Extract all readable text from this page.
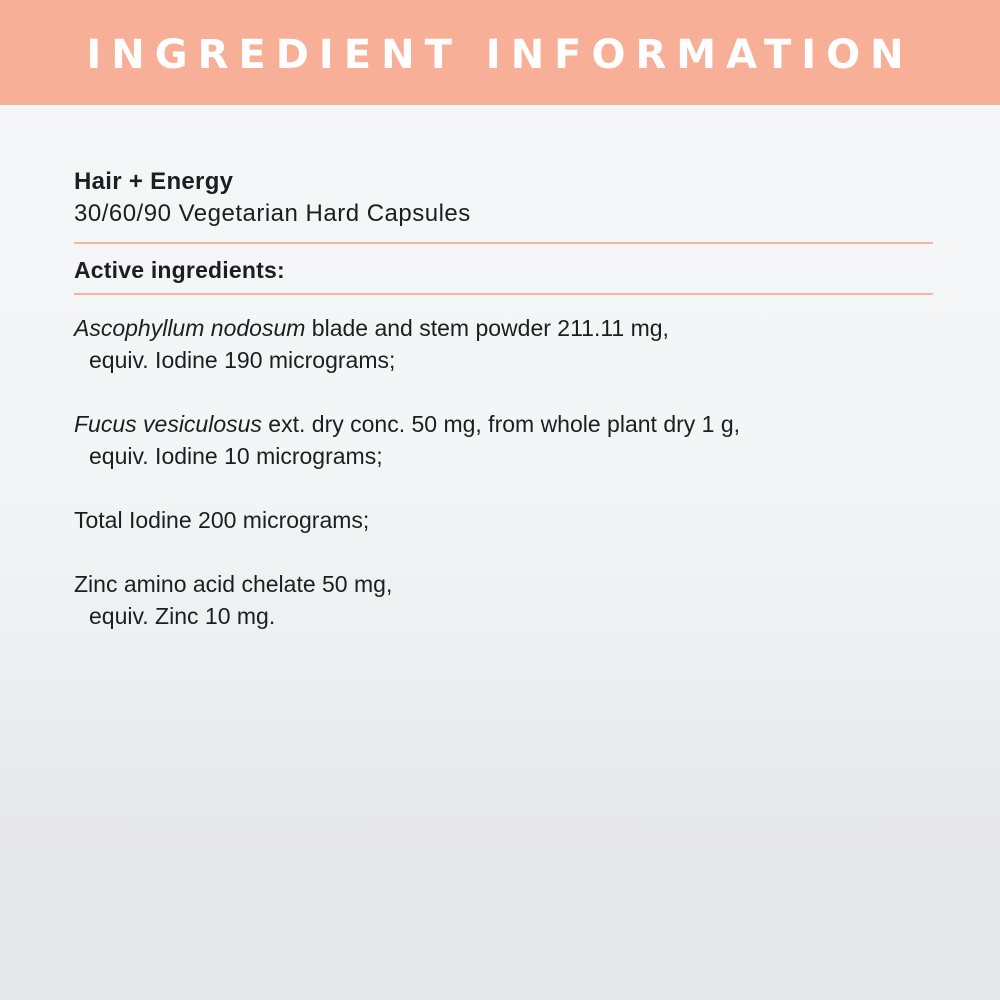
INGREDIENT INFORMATION
Hair + Energy
30/60/90 Vegetarian Hard Capsules
Active ingredients:
Ascophyllum nodosum blade and stem powder 211.11 mg,
equiv. Iodine 190 micrograms;
Fucus vesiculosus ext. dry conc. 50 mg, from whole plant dry 1 g,
equiv. Iodine 10 micrograms;
Total Iodine 200 micrograms;
Zinc amino acid chelate 50 mg,
equiv. Zinc 10 mg.
